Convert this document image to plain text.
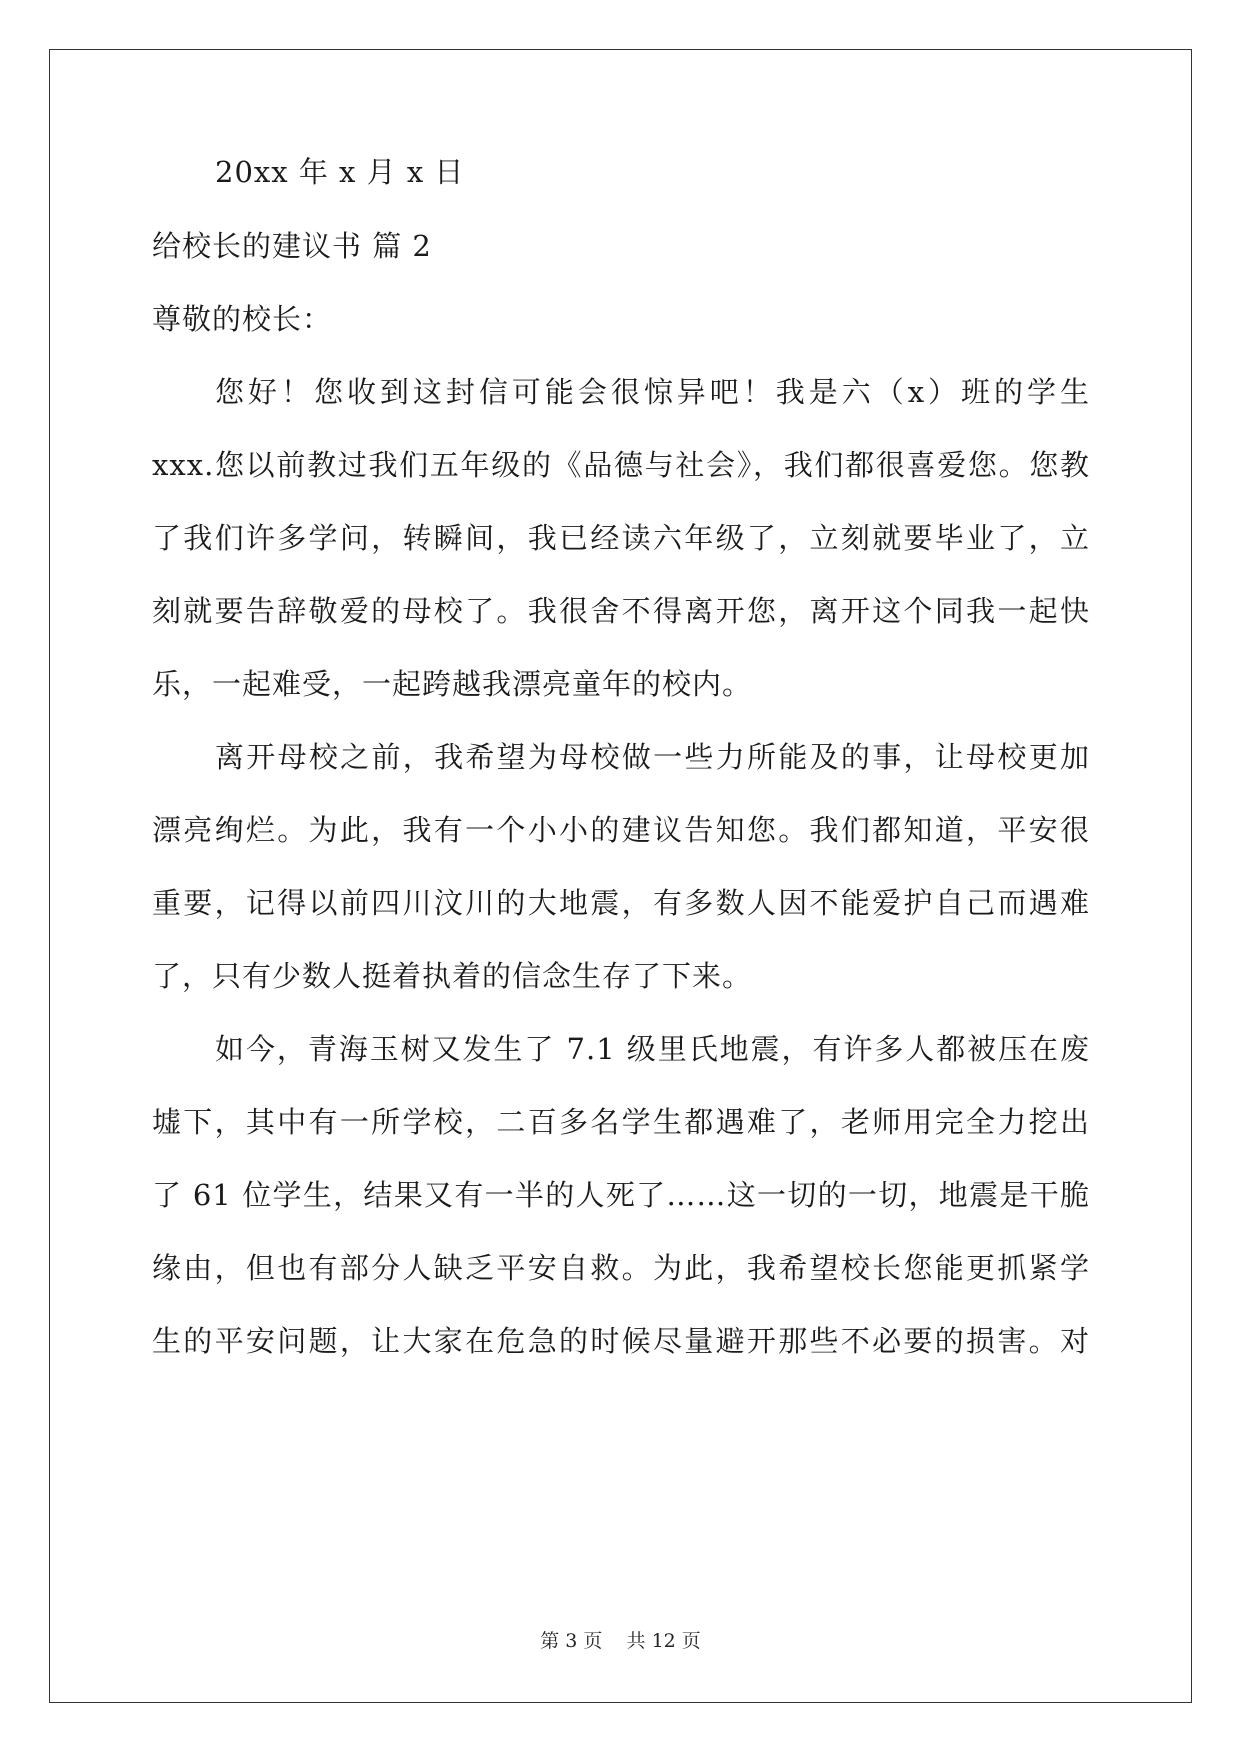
20xx 年 x 月 x 日
给校长的建议书 篇 2
尊敬的校长：
您好！您收到这封信可能会很惊异吧！我是六（x）班的学生
xxx.您以前教过我们五年级的《品德与社会》，我们都很喜爱您。您教
了我们许多学问，转瞬间，我已经读六年级了，立刻就要毕业了，立
刻就要告辞敬爱的母校了。我很舍不得离开您，离开这个同我一起快
乐，一起难受，一起跨越我漂亮童年的校内。
离开母校之前，我希望为母校做一些力所能及的事，让母校更加
漂亮绚烂。为此，我有一个小小的建议告知您。我们都知道，平安很
重要，记得以前四川汶川的大地震，有多数人因不能爱护自己而遇难
了，只有少数人挺着执着的信念生存了下来。
如今，青海玉树又发生了 7.1 级里氏地震，有许多人都被压在废
墟下，其中有一所学校，二百多名学生都遇难了，老师用完全力挖出
了 61 位学生，结果又有一半的人死了……这一切的一切，地震是干脆
缘由，但也有部分人缺乏平安自救。为此，我希望校长您能更抓紧学
生的平安问题，让大家在危急的时候尽量避开那些不必要的损害。对
第 3 页    共 12 页
